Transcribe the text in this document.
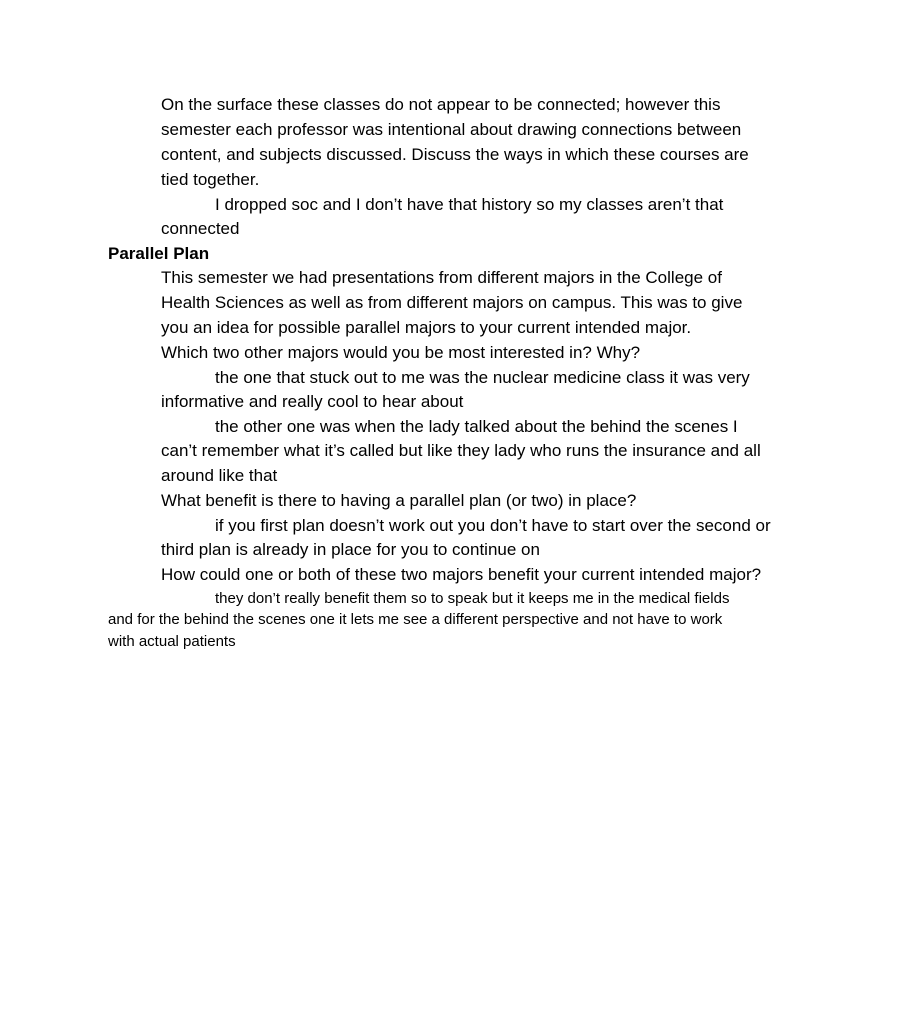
On the surface these classes do not appear to be connected; however this
semester each professor was intentional about drawing connections between
content, and subjects discussed. Discuss the ways in which these courses are
tied together.
I dropped soc and I don’t have that history so my classes aren’t that
connected
Parallel Plan
This semester we had presentations from different majors in the College of
Health Sciences as well as from different majors on campus. This was to give
you an idea for possible parallel majors to your current intended major.
Which two other majors would you be most interested in? Why?
the one that stuck out to me was the nuclear medicine class it was very
informative and really cool to hear about
the other one was when the lady talked about the behind the scenes I
can’t remember what it’s called but like they lady who runs the insurance and all
around like that
What benefit is there to having a parallel plan (or two) in place?
if you first plan doesn’t work out you don’t have to start over the second or
third plan is already in place for you to continue on
How could one or both of these two majors benefit your current intended major?
they don’t really benefit them so to speak but it keeps me in the medical fields
and for the behind the scenes one it lets me see a different perspective and not have to work
with actual patients
